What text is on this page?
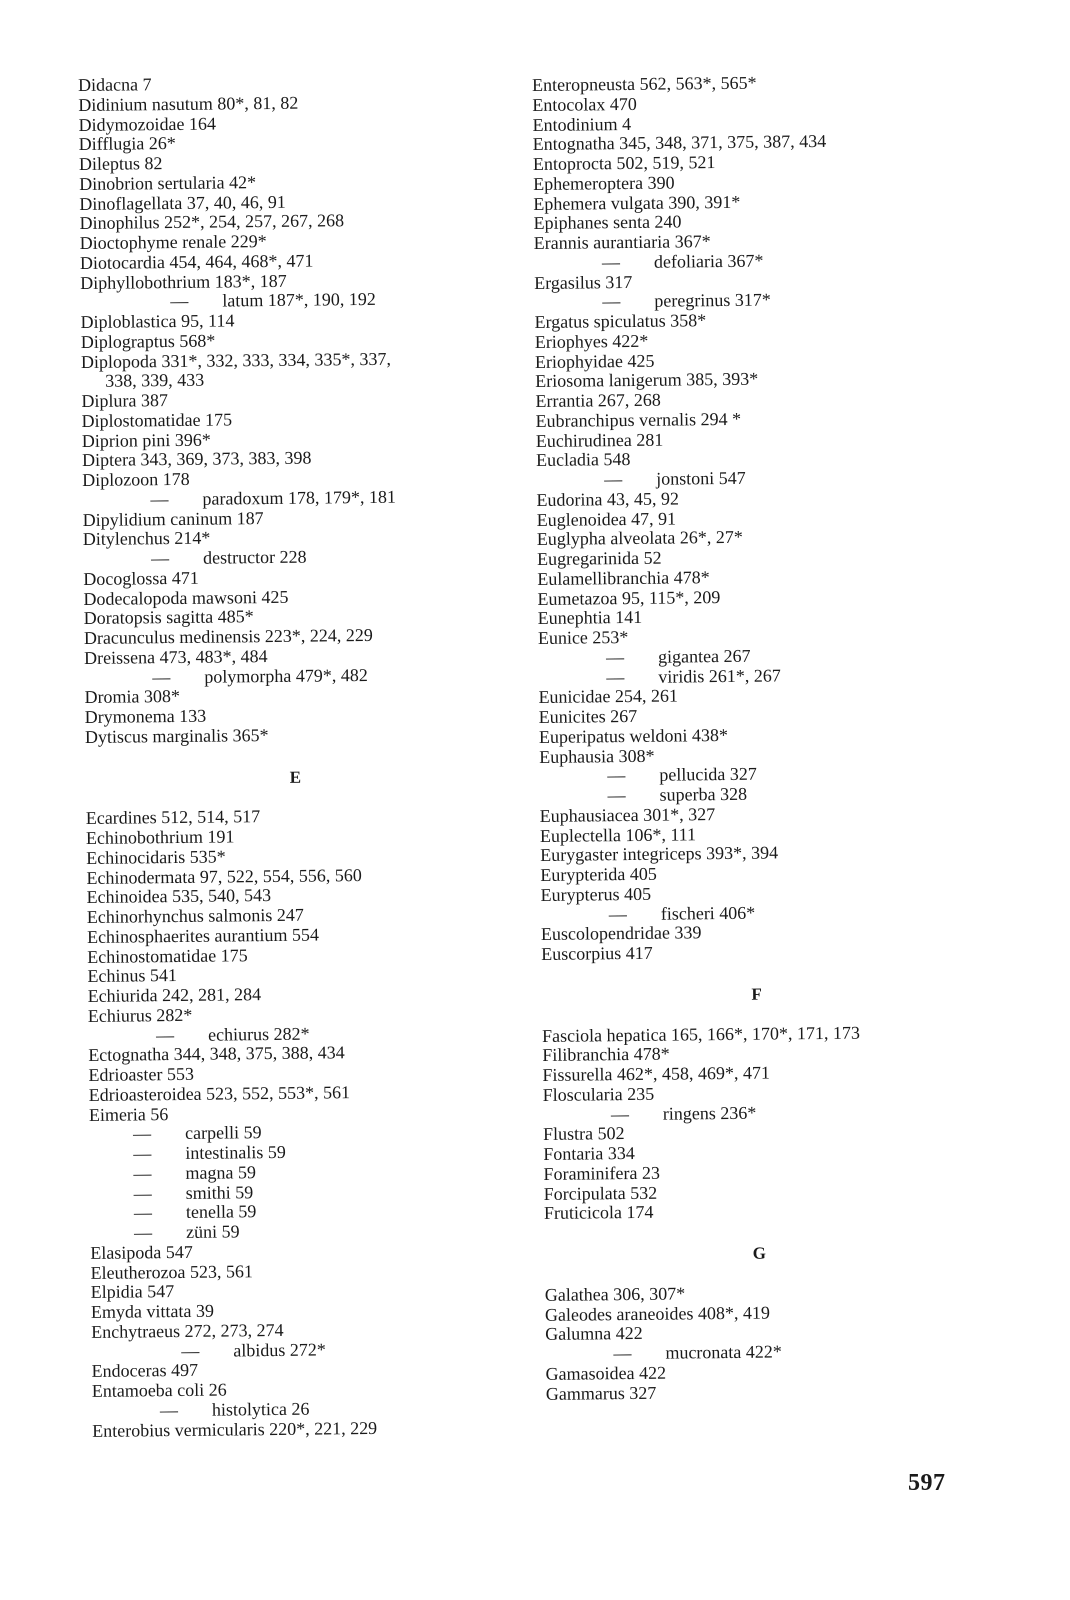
Didacna 7
Didinium nasutum 80*, 81, 82
Didymozoidae 164
Difflugia 26*
Dileptus 82
Dinobrion sertularia 42*
Dinoflagellata 37, 40, 46, 91
Dinophilus 252*, 254, 257, 267, 268
Dioctophyme renale 229*
Diotocardia 454, 464, 468*, 471
Diphyllobothrium 183*, 187
— latum 187*, 190, 192
Diploblastica 95, 114
Diplograptus 568*
Diplopoda 331*, 332, 333, 334, 335*, 337,
338, 339, 433
Diplura 387
Diplostomatidae 175
Diprion pini 396*
Diptera 343, 369, 373, 383, 398
Diplozoon 178
— paradoxum 178, 179*, 181
Dipylidium caninum 187
Ditylenchus 214*
— destructor 228
Docoglossa 471
Dodecalopoda mawsoni 425
Doratopsis sagitta 485*
Dracunculus medinensis 223*, 224, 229
Dreissena 473, 483*, 484
— polymorpha 479*, 482
Dromia 308*
Drymonema 133
Dytiscus marginalis 365*
E
Ecardines 512, 514, 517
Echinobothrium 191
Echinocidaris 535*
Echinodermata 97, 522, 554, 556, 560
Echinoidea 535, 540, 543
Echinorhynchus salmonis 247
Echinosphaerites aurantium 554
Echinostomatidae 175
Echinus 541
Echiurida 242, 281, 284
Echiurus 282*
— echiurus 282*
Ectognatha 344, 348, 375, 388, 434
Edrioaster 553
Edrioasteroidea 523, 552, 553*, 561
Eimeria 56
— carpelli 59
— intestinalis 59
— magna 59
— smithi 59
— tenella 59
— züni 59
Elasipoda 547
Eleutherozoa 523, 561
Elpidia 547
Emyda vittata 39
Enchytraeus 272, 273, 274
— albidus 272*
Endoceras 497
Entamoeba coli 26
— histolytica 26
Enterobius vermicularis 220*, 221, 229
Enteropneusta 562, 563*, 565*
Entocolax 470
Entodinium 4
Entognatha 345, 348, 371, 375, 387, 434
Entoprocta 502, 519, 521
Ephemeroptera 390
Ephemera vulgata 390, 391*
Epiphanes senta 240
Erannis aurantiaria 367*
— defoliaria 367*
Ergasilus 317
— peregrinus 317*
Ergatus spiculatus 358*
Eriophyes 422*
Eriophyidae 425
Eriosoma lanigerum 385, 393*
Errantia 267, 268
Eubranchipus vernalis 294 *
Euchirudinea 281
Eucladia 548
— jonstoni 547
Eudorina 43, 45, 92
Euglenoidea 47, 91
Euglypha alveolata 26*, 27*
Eugregarinida 52
Eulamellibranchia 478*
Eumetazoa 95, 115*, 209
Eunephtia 141
Eunice 253*
— gigantea 267
— viridis 261*, 267
Eunicidae 254, 261
Eunicites 267
Euperipatus weldoni 438*
Euphausia 308*
— pellucida 327
— superba 328
Euphausiacea 301*, 327
Euplectella 106*, 111
Eurygaster integriceps 393*, 394
Eurypterida 405
Eurypterus 405
— fischeri 406*
Euscolopendridae 339
Euscorpius 417
F
Fasciola hepatica 165, 166*, 170*, 171, 173
Filibranchia 478*
Fissurella 462*, 458, 469*, 471
Floscularia 235
— ringens 236*
Flustra 502
Fontaria 334
Foraminifera 23
Forcipulata 532
Fruticicola 174
G
Galathea 306, 307*
Galeodes araneoides 408*, 419
Galumna 422
— mucronata 422*
Gamasoidea 422
Gammarus 327
597
